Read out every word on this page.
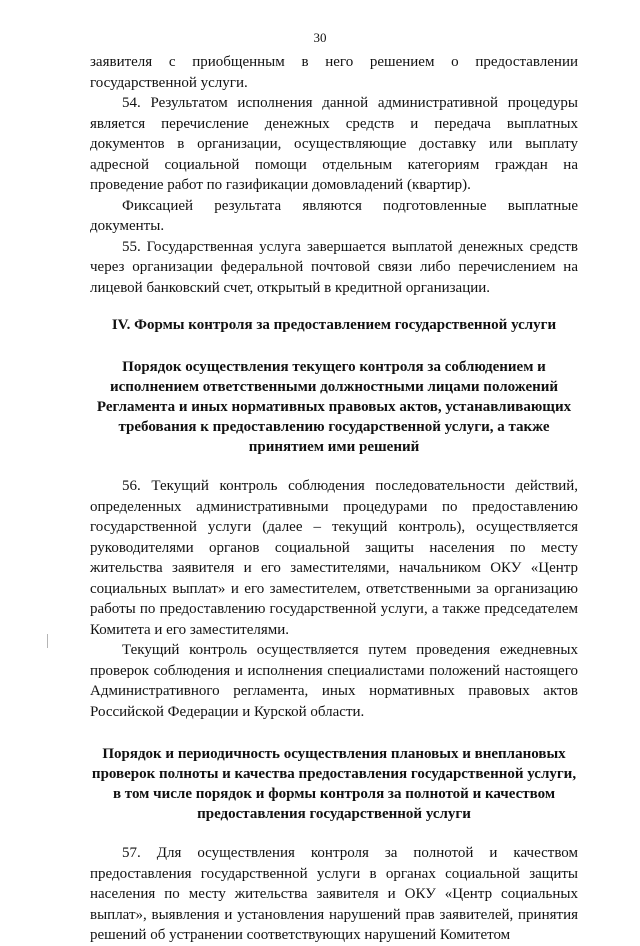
30

заявителя с приобщенным в него решением о предоставлении государственной услуги.

54. Результатом исполнения данной административной процедуры является перечисление денежных средств и передача выплатных документов в организации, осуществляющие доставку или выплату адресной социальной помощи отдельным категориям граждан на проведение работ по газификации домовладений (квартир).

Фиксацией результата являются подготовленные выплатные документы.

55. Государственная услуга завершается выплатой денежных средств через организации федеральной почтовой связи либо перечислением на лицевой банковский счет, открытый в кредитной организации.

IV. Формы контроля за предоставлением государственной услуги

Порядок осуществления текущего контроля за соблюдением и исполнением ответственными должностными лицами положений Регламента и иных нормативных правовых актов, устанавливающих требования к предоставлению государственной услуги, а также принятием ими решений

56. Текущий контроль соблюдения последовательности действий, определенных административными процедурами по предоставлению государственной услуги (далее – текущий контроль), осуществляется руководителями органов социальной защиты населения по месту жительства заявителя и его заместителями, начальником ОКУ «Центр социальных выплат» и его заместителем, ответственными за организацию работы по предоставлению государственной услуги, а также председателем Комитета и его заместителями.

Текущий контроль осуществляется путем проведения ежедневных проверок соблюдения и исполнения специалистами положений настоящего Административного регламента, иных нормативных правовых актов Российской Федерации и Курской области.

Порядок и периодичность осуществления плановых и внеплановых проверок полноты и качества предоставления государственной услуги, в том числе порядок и формы контроля за полнотой и качеством предоставления государственной услуги

57. Для осуществления контроля за полнотой и качеством предоставления государственной услуги в органах социальной защиты населения по месту жительства заявителя и ОКУ «Центр социальных выплат», выявления и установления нарушений прав заявителей, принятия решений об устранении соответствующих нарушений Комитетом
